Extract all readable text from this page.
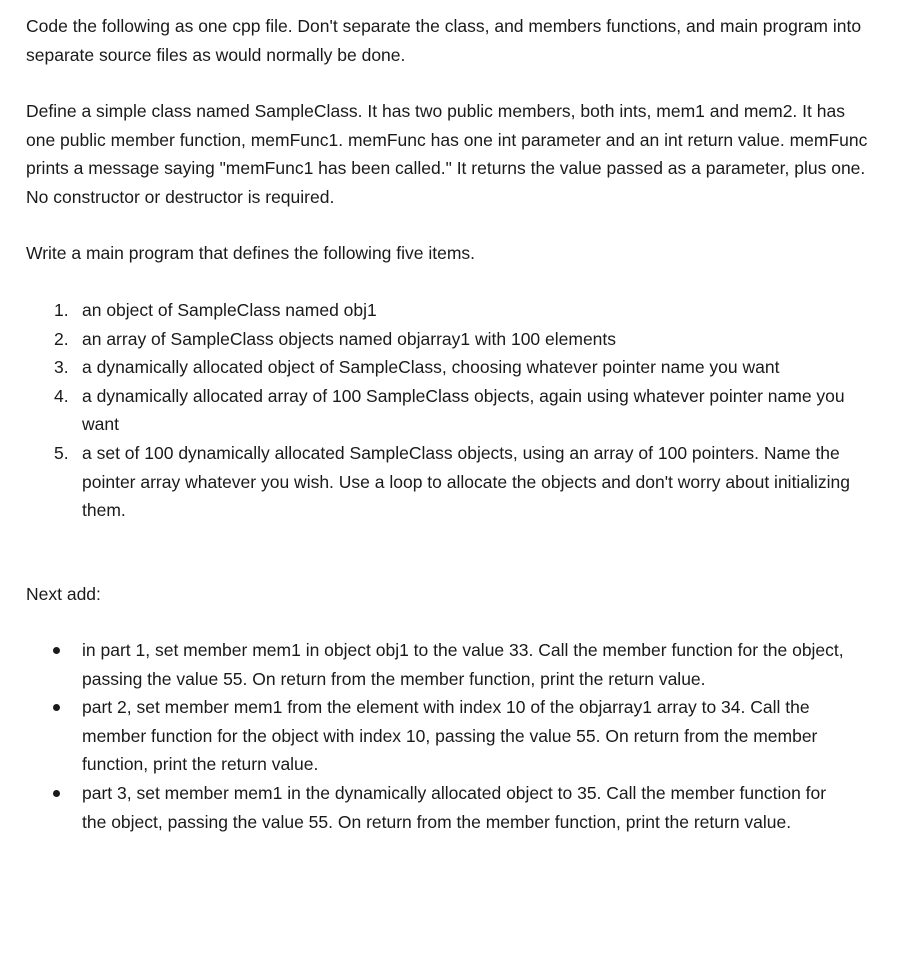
Code the following as one cpp file. Don't separate the class, and members functions, and main program into separate source files as would normally be done.

Define a simple class named SampleClass. It has two public members, both ints, mem1 and mem2. It has one public member function, memFunc1. memFunc has one int parameter and an int return value. memFunc prints a message saying "memFunc1 has been called." It returns the value passed as a parameter, plus one. No constructor or destructor is required.

Write a main program that defines the following five items.

1. an object of SampleClass named obj1
2. an array of SampleClass objects named objarray1 with 100 elements
3. a dynamically allocated object of SampleClass, choosing whatever pointer name you want
4. a dynamically allocated array of 100 SampleClass objects, again using whatever pointer name you want
5. a set of 100 dynamically allocated SampleClass objects, using an array of 100 pointers. Name the pointer array whatever you wish. Use a loop to allocate the objects and don't worry about initializing them.

Next add:

in part 1, set member mem1 in object obj1 to the value 33. Call the member function for the object, passing the value 55. On return from the member function, print the return value.
part 2, set member mem1 from the element with index 10 of the objarray1 array to 34. Call the member function for the object with index 10, passing the value 55. On return from the member function, print the return value.
part 3, set member mem1 in the dynamically allocated object to 35. Call the member function for the object, passing the value 55. On return from the member function, print the return value.
